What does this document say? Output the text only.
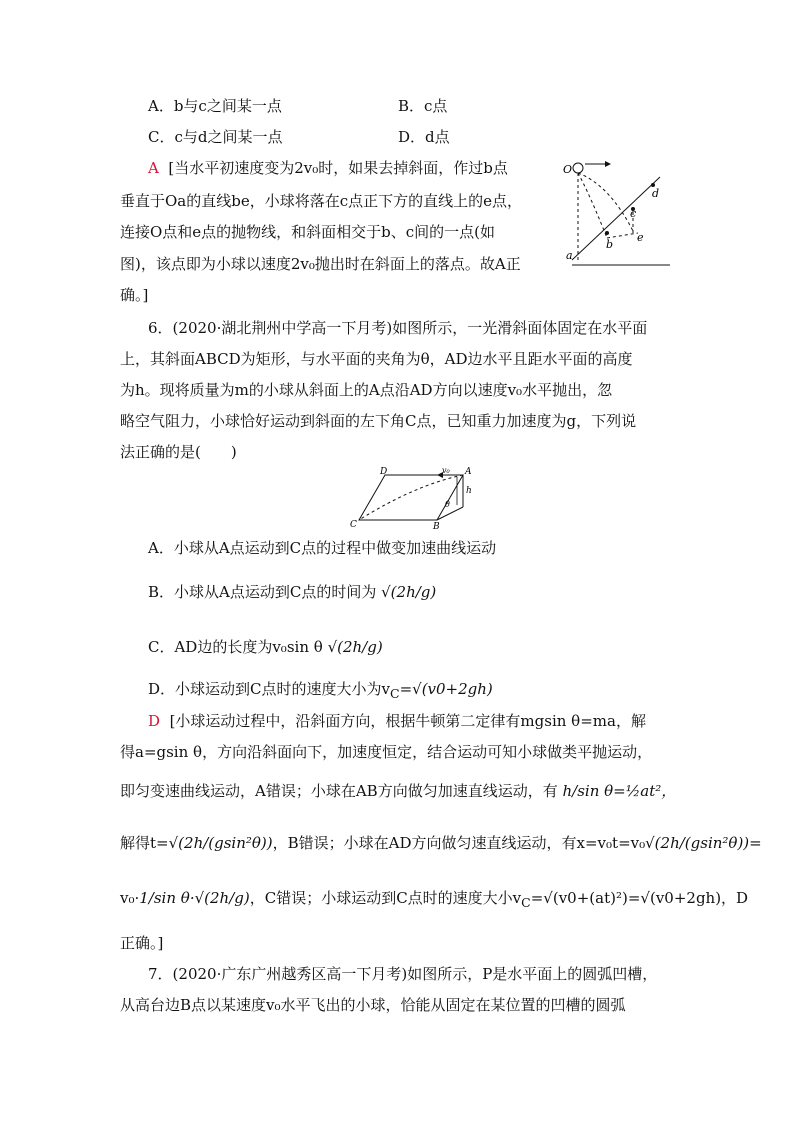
A．b与c之间某一点	B．c点
C．c与d之间某一点	D．d点
A [当水平初速度变为2v₀时，如果去掉斜面，作过b点
垂直于Oa的直线be，小球将落在c点正下方的直线上的e点，
连接O点和e点的抛物线，和斜面相交于b、c间的一点(如
图)，该点即为小球以速度2v₀抛出时在斜面上的落点。故A正
确。]
O
a
b
c
d
e
6．(2020·湖北荆州中学高一下月考)如图所示，一光滑斜面体固定在水平面
上，其斜面ABCD为矩形，与水平面的夹角为θ，AD边水平且距水平面的高度
为h。现将质量为m的小球从斜面上的A点沿AD方向以速度v₀水平抛出，忽
略空气阻力，小球恰好运动到斜面的左下角C点，已知重力加速度为g，下列说
法正确的是(　　)
D	A
C	B
v₀
h
θ
A．小球从A点运动到C点的过程中做变加速曲线运动
B．小球从A点运动到C点的时间为 √(2h/g)
C．AD边的长度为v₀sin θ √(2h/g)
D．小球运动到C点时的速度大小为$v_C=√(v0+2gh)$
D [小球运动过程中，沿斜面方向，根据牛顿第二定律有mgsin θ=ma，解
得a=gsin θ，方向沿斜面向下，加速度恒定，结合运动可知小球做类平抛运动，
即匀变速曲线运动，A错误；小球在AB方向做匀加速直线运动，有 h/sin θ=½at²，
解得t=√(2h/(gsin²θ))，B错误；小球在AD方向做匀速直线运动，有x=v₀t=v₀√(2h/(gsin²θ))=
v₀·1/sin θ·√(2h/g)，C错误；小球运动到C点时的速度大小$v_C=√(v0+(at)^2)=√(v0+2gh)$，D
正确。]
7．(2020·广东广州越秀区高一下月考)如图所示，P是水平面上的圆弧凹槽，
从高台边B点以某速度v₀水平飞出的小球，恰能从固定在某位置的凹槽的圆弧
